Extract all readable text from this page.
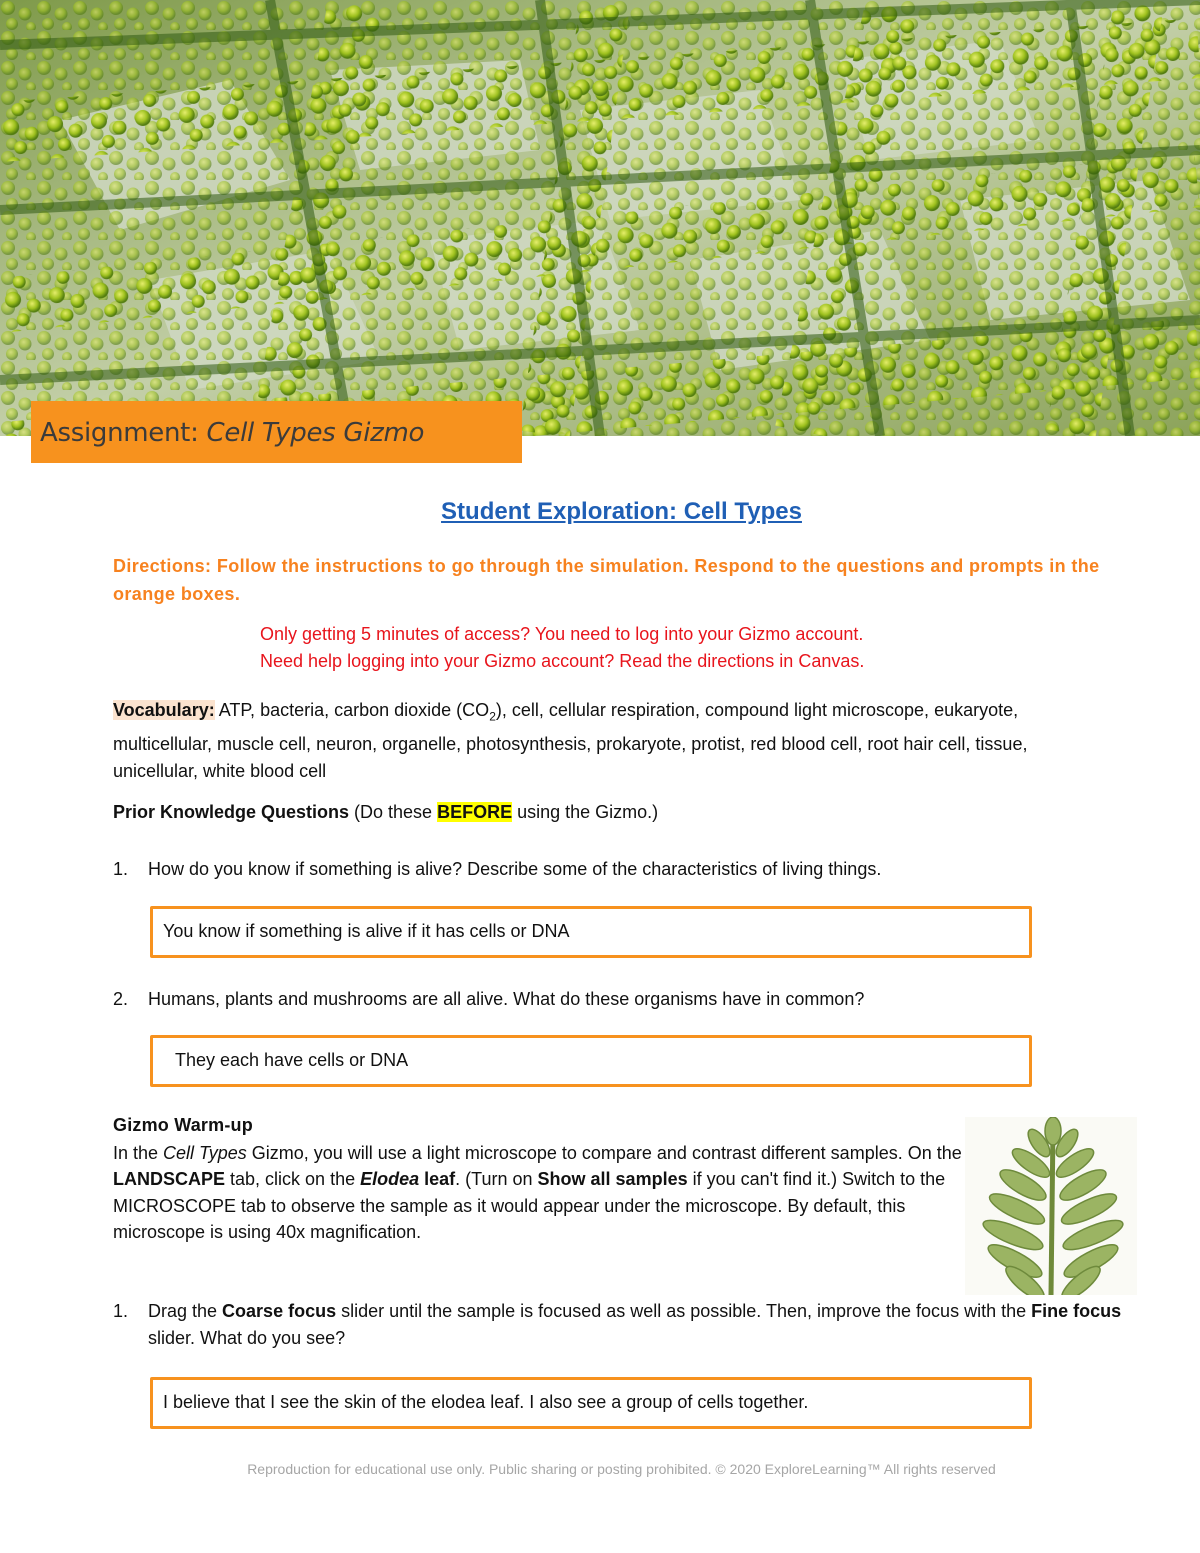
Assignment: Cell Types Gizmo
Student Exploration: Cell Types
Directions: Follow the instructions to go through the simulation. Respond to the questions and prompts in the orange boxes.
Only getting 5 minutes of access? You need to log into your Gizmo account.
Need help logging into your Gizmo account? Read the directions in Canvas.
Vocabulary: ATP, bacteria, carbon dioxide $(CO_2)$, cell, cellular respiration, compound light microscope, eukaryote, multicellular, muscle cell, neuron, organelle, photosynthesis, prokaryote, protist, red blood cell, root hair cell, tissue, unicellular, white blood cell
Prior Knowledge Questions (Do these BEFORE using the Gizmo.)
1. How do you know if something is alive? Describe some of the characteristics of living things.
You know if something is alive if it has cells or DNA
2. Humans, plants and mushrooms are all alive. What do these organisms have in common?
They each have cells or DNA
Gizmo Warm-up
In the Cell Types Gizmo, you will use a light microscope to compare and contrast different samples. On the LANDSCAPE tab, click on the Elodea leaf. (Turn on Show all samples if you can't find it.) Switch to the MICROSCOPE tab to observe the sample as it would appear under the microscope. By default, this microscope is using 40x magnification.
1. Drag the Coarse focus slider until the sample is focused as well as possible. Then, improve the focus with the Fine focus slider. What do you see?
I believe that I see the skin of the elodea leaf. I also see a group of cells together.
Reproduction for educational use only. Public sharing or posting prohibited. © 2020 ExploreLearning™ All rights reserved
